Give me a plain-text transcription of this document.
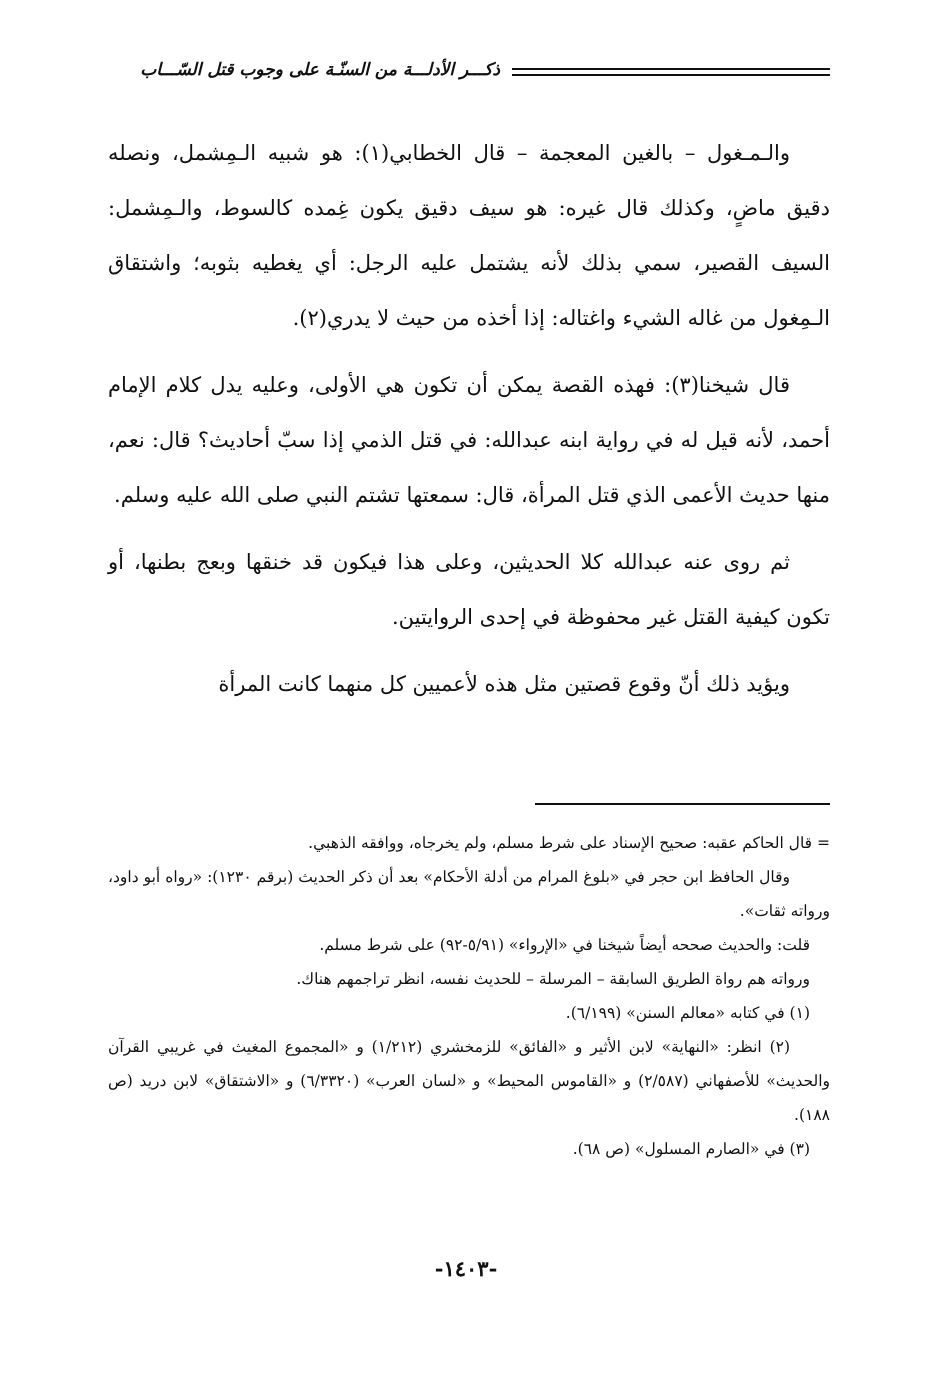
ذكـــر الأدلـــة من السنّـة على وجوب قتل السّـــاب

والـمـغول – بالغين المعجمة – قال الخطابي(١): هو شبيه الـمِشمل، ونصله دقيق ماضٍ، وكذلك قال غيره: هو سيف دقيق يكون غِمده كالسوط، والـمِشمل: السيف القصير، سمي بذلك لأنه يشتمل عليه الرجل: أي يغطيه بثوبه؛ واشتقاق الـمِغول من غاله الشيء واغتاله: إذا أخذه من حيث لا يدري(٢).

قال شيخنا(٣): فهذه القصة يمكن أن تكون هي الأولى، وعليه يدل كلام الإمام أحمد، لأنه قيل له في رواية ابنه عبدالله: في قتل الذمي إذا سبّ أحاديث؟ قال: نعم، منها حديث الأعمى الذي قتل المرأة، قال: سمعتها تشتم النبي صلى الله عليه وسلم.

ثم روى عنه عبدالله كلا الحديثين، وعلى هذا فيكون قد خنقها وبعج بطنها، أو تكون كيفية القتل غير محفوظة في إحدى الروايتين.

ويؤيد ذلك أنّ وقوع قصتين مثل هذه لأعميين كل منهما كانت المرأة

= قال الحاكم عقبه: صحيح الإسناد على شرط مسلم، ولم يخرجاه، ووافقه الذهبي.

وقال الحافظ ابن حجر في «بلوغ المرام من أدلة الأحكام» بعد أن ذكر الحديث (برقم ١٢٣٠): «رواه أبو داود، ورواته ثقات».

قلت: والحديث صححه أيضاً شيخنا في «الإرواء» (٥/٩١-٩٢) على شرط مسلم.

ورواته هم رواة الطريق السابقة – المرسلة – للحديث نفسه، انظر تراجمهم هناك.

(١) في كتابه «معالم السنن» (٦/١٩٩).

(٢) انظر: «النهاية» لابن الأثير و «الفائق» للزمخشري (١/٢١٢) و «المجموع المغيث في غريبي القرآن والحديث» للأصفهاني (٢/٥٨٧) و «القاموس المحيط» و «لسان العرب» (٦/٣٣٢٠) و «الاشتقاق» لابن دريد (ص ١٨٨).

(٣) في «الصارم المسلول» (ص ٦٨).

-١٤٠٣-
